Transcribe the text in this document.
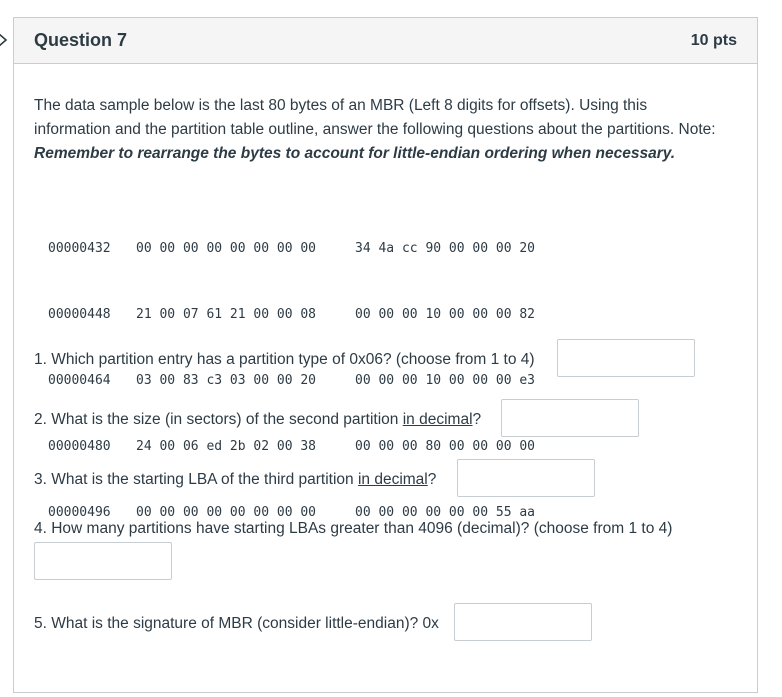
Question 7	10 pts
The data sample below is the last 80 bytes of an MBR (Left 8 digits for offsets). Using this information and the partition table outline, answer the following questions about the partitions. Note: Remember to rearrange the bytes to account for little-endian ordering when necessary.

00000432 00 00 00 00 00 00 00 00	34 4a cc 90 00 00 00 20

00000448 21 00 07 61 21 00 00 08	00 00 00 10 00 00 00 82

00000464 03 00 83 c3 03 00 00 20	00 00 00 10 00 00 00 e3

00000480 24 00 06 ed 2b 02 00 38	00 00 00 80 00 00 00 00

00000496 00 00 00 00 00 00 00 00	00 00 00 00 00 00 55 aa

1. Which partition entry has a partition type of 0x06? (choose from 1 to 4)
2. What is the size (in sectors) of the second partition in decimal?
3. What is the starting LBA of the third partition in decimal?
4. How many partitions have starting LBAs greater than 4096 (decimal)? (choose from 1 to 4)
5. What is the signature of MBR (consider little-endian)? 0x
